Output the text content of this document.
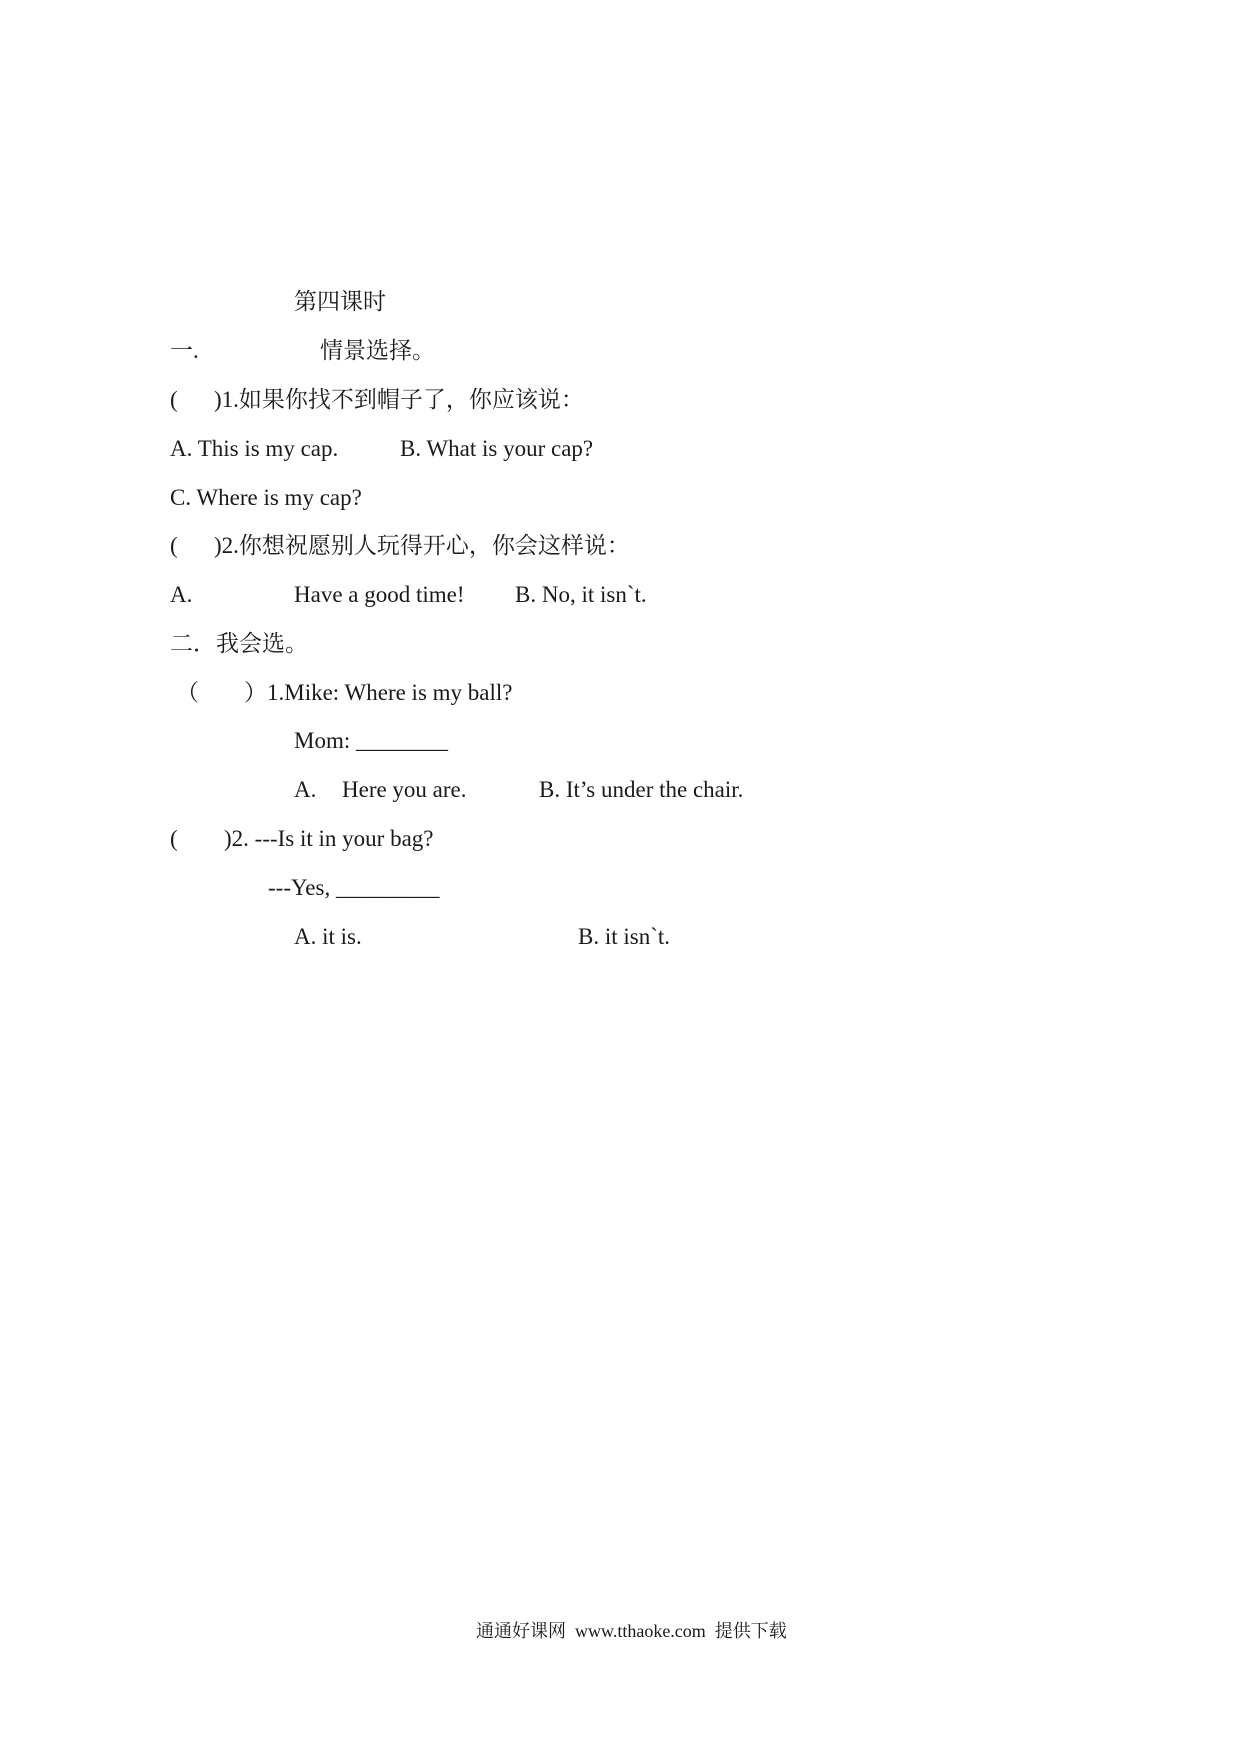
第四课时
一.	情景选择。
( )1.如果你找不到帽子了，你应该说：
A. This is my cap.	B. What is your cap?
C. Where is my cap?
( )2.你想祝愿别人玩得开心，你会这样说：
A.	Have a good time! B. No, it isn`t.
二．我会选。
（ ）1.Mike: Where is my ball?
Mom: ________
A. Here you are.	B. It’s under the chair.
( )2. ---Is it in your bag?
---Yes, _________
A. it is.	B. it isn`t.
通通好课网  www.tthaoke.com  提供下载
